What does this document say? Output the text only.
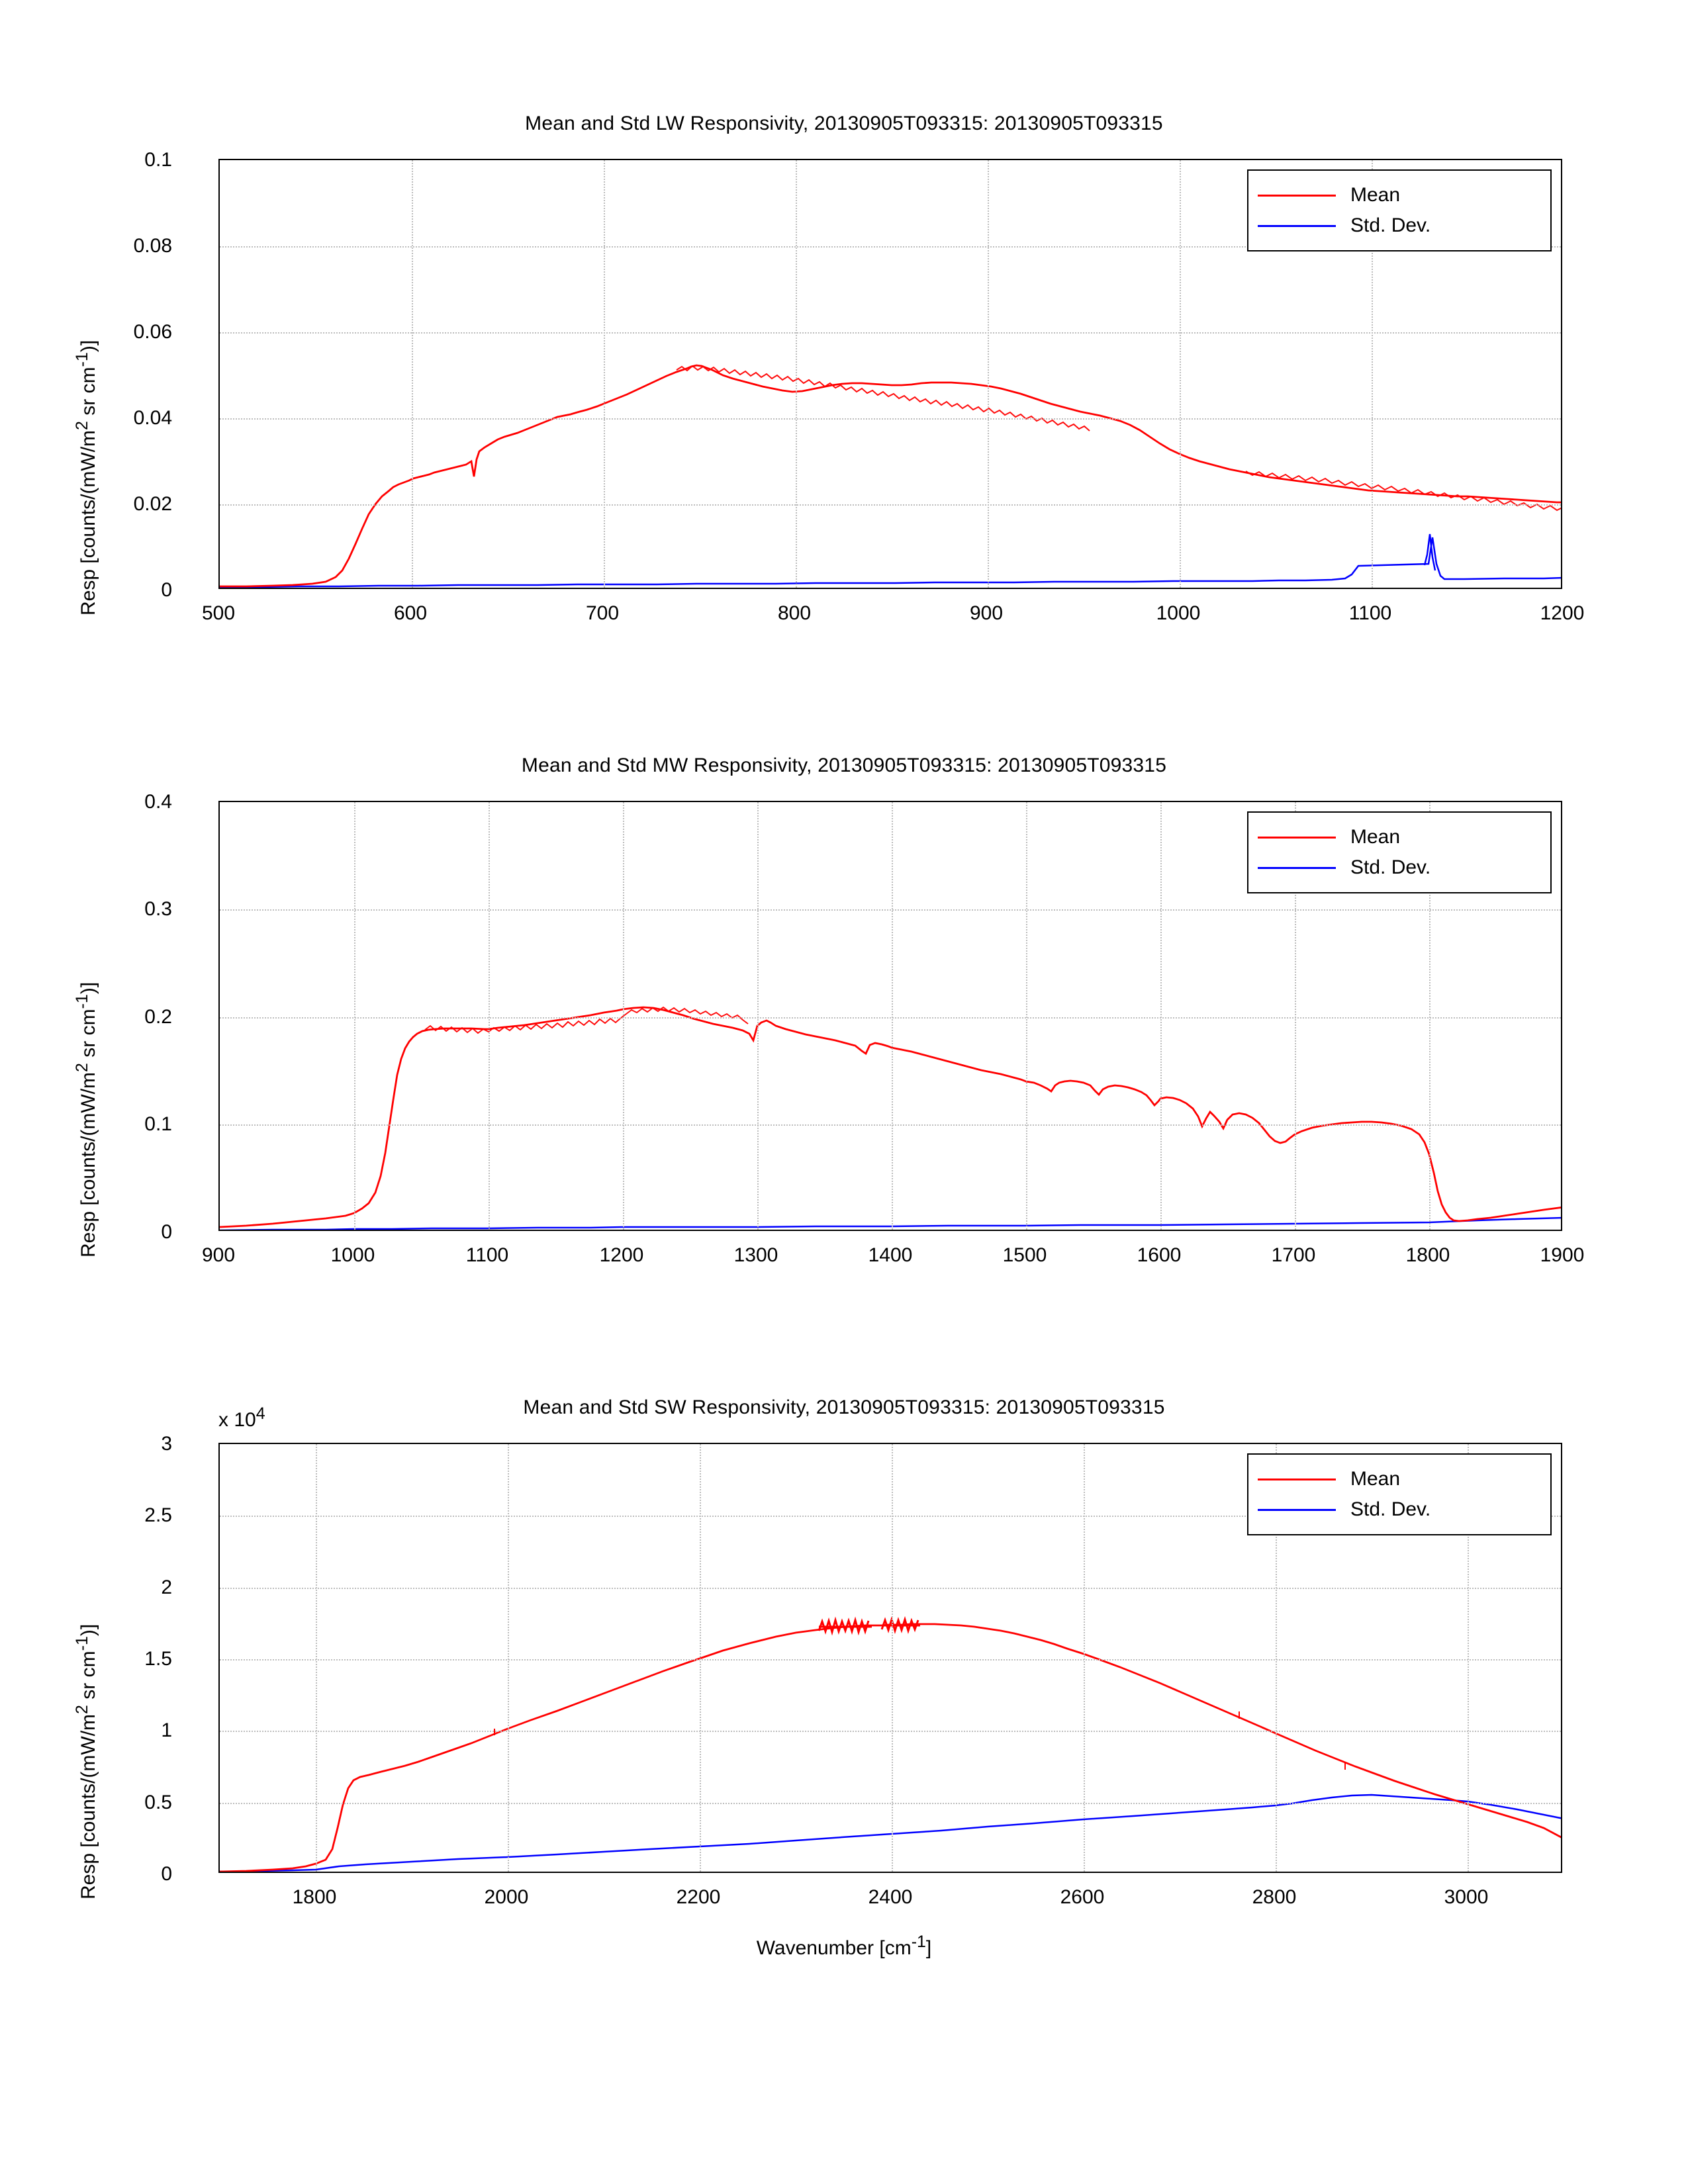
Mean and Std LW Responsivity, 20130905T093315: 20130905T093315
Resp [$counts/(mW/m^2$ sr $cm^{-1}$)]
0.1
0.08
0.06
0.04
0.02
0
500	600	700	800	900	1000	1100	1200
Mean
Std. Dev.
Mean and Std MW Responsivity, 20130905T093315: 20130905T093315
Resp [$counts/(mW/m^2$ sr $cm^{-1}$)]
0.4
0.3
0.2
0.1
0
900	1000	1100	1200	1300	1400	1500	1600	1700	1800	1900
Mean
Std. Dev.
Mean and Std SW Responsivity, 20130905T093315: 20130905T093315
x $10^4$
Resp [$counts/(mW/m^2$ sr $cm^{-1}$)]
3
2.5
2
1.5
1
0.5
0
1800	2000	2200	2400	2600	2800	3000
Mean
Std. Dev.
Wavenumber $[cm^{-1}]$
